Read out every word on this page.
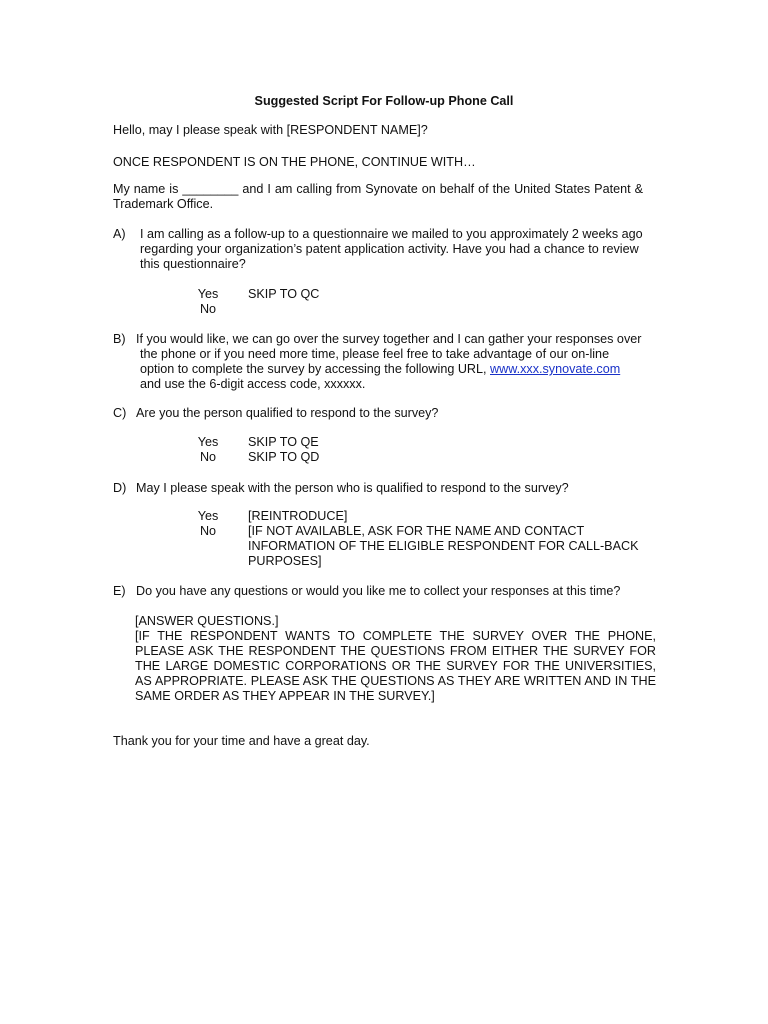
Suggested Script For Follow-up Phone Call

Hello, may I please speak with [RESPONDENT NAME]?

ONCE RESPONDENT IS ON THE PHONE, CONTINUE WITH…

My name is ________ and I am calling from Synovate on behalf of the United States Patent &
Trademark Office.
A) I am calling as a follow-up to a questionnaire we mailed to you approximately 2 weeks ago regarding your organization’s patent application activity. Have you had a chance to review this questionnaire?
Yes	SKIP TO QC
No
B) If you would like, we can go over the survey together and I can gather your responses over the phone or if you need more time, please feel free to take advantage of our on-line option to complete the survey by accessing the following URL, www.xxx.synovate.com and use the 6-digit access code, xxxxxx.
C) Are you the person qualified to respond to the survey?
Yes	SKIP TO QE
No	SKIP TO QD
D) May I please speak with the person who is qualified to respond to the survey?
Yes	[REINTRODUCE]
No	[IF NOT AVAILABLE, ASK FOR THE NAME AND CONTACT INFORMATION OF THE ELIGIBLE RESPONDENT FOR CALL-BACK PURPOSES]
E) Do you have any questions or would you like me to collect your responses at this time?

[ANSWER QUESTIONS.]

[IF THE RESPONDENT WANTS TO COMPLETE THE SURVEY OVER THE PHONE, PLEASE ASK THE RESPONDENT THE QUESTIONS FROM EITHER THE SURVEY FOR THE LARGE DOMESTIC CORPORATIONS OR THE SURVEY FOR THE UNIVERSITIES, AS APPROPRIATE. PLEASE ASK THE QUESTIONS AS THEY ARE WRITTEN AND IN THE SAME ORDER AS THEY APPEAR IN THE SURVEY.]

Thank you for your time and have a great day.
